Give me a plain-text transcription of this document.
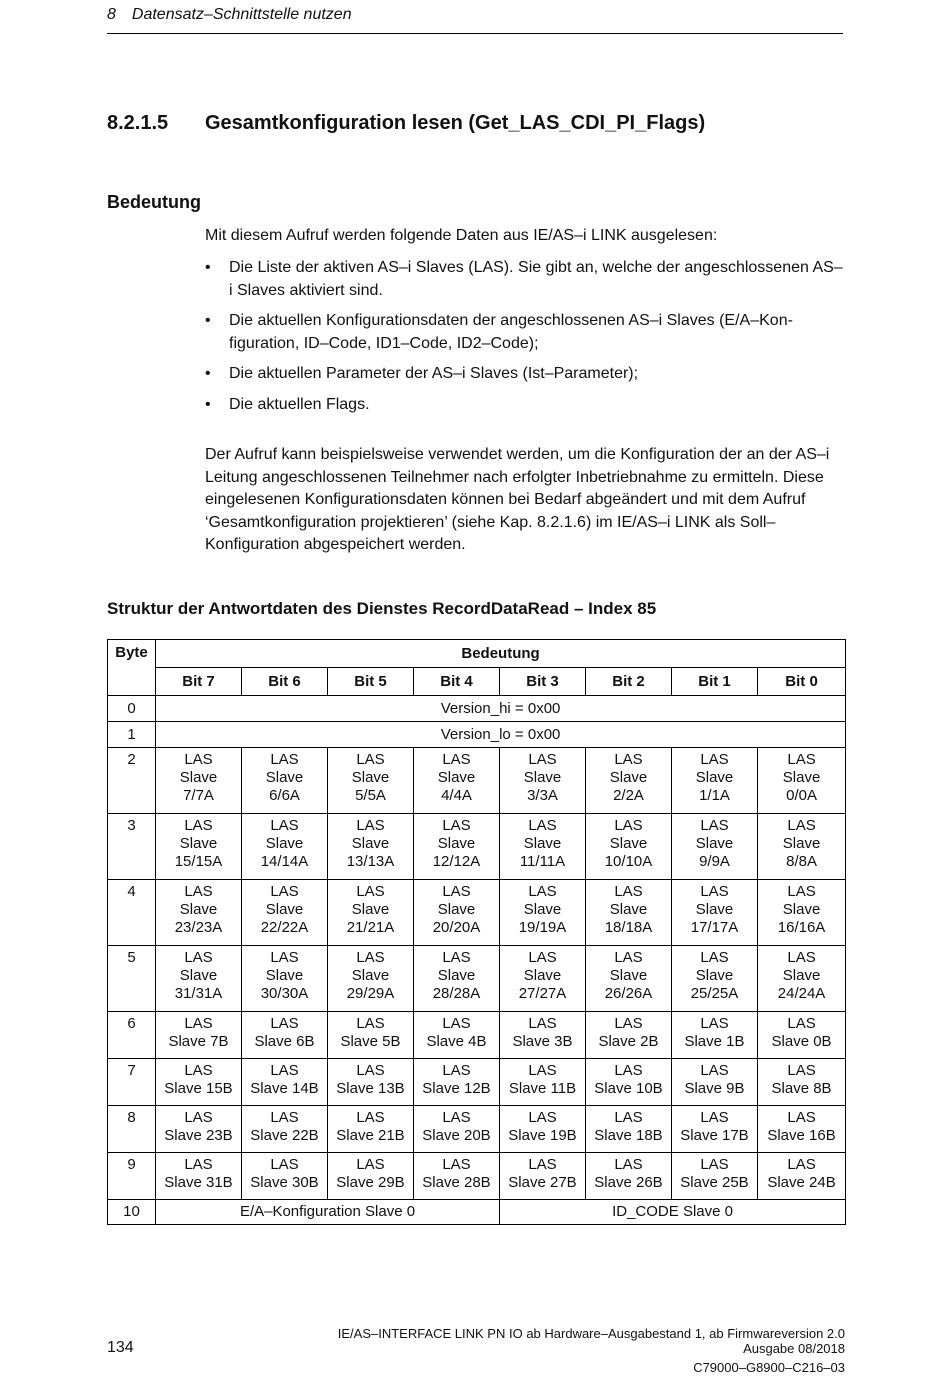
8 Datensatz–Schnittstelle nutzen
8.2.1.5 Gesamtkonfiguration lesen (Get_LAS_CDI_PI_Flags)
Bedeutung
Mit diesem Aufruf werden folgende Daten aus IE/AS–i LINK ausgelesen:
• Die Liste der aktiven AS–i Slaves (LAS). Sie gibt an, welche der angeschlossenen AS–i Slaves aktiviert sind.
• Die aktuellen Konfigurationsdaten der angeschlossenen AS–i Slaves (E/A–Konfiguration, ID–Code, ID1–Code, ID2–Code);
• Die aktuellen Parameter der AS–i Slaves (Ist–Parameter);
• Die aktuellen Flags.
Der Aufruf kann beispielsweise verwendet werden, um die Konfiguration der an der AS–i Leitung angeschlossenen Teilnehmer nach erfolgter Inbetriebnahme zu ermitteln. Diese eingelesenen Konfigurationsdaten können bei Bedarf abgeändert und mit dem Aufruf ‘Gesamtkonfiguration projektieren’ (siehe Kap. 8.2.1.6) im IE/AS–i LINK als Soll–Konfiguration abgespeichert werden.
Struktur der Antwortdaten des Dienstes RecordDataRead – Index 85
Byte	Bedeutung							
	Bit 7	Bit 6	Bit 5	Bit 4	Bit 3	Bit 2	Bit 1	Bit 0
0	Version_hi = 0x00							
1	Version_lo = 0x00							
2	LAS
Slave
7/7A	LAS
Slave
6/6A	LAS
Slave
5/5A	LAS
Slave
4/4A	LAS
Slave
3/3A	LAS
Slave
2/2A	LAS
Slave
1/1A	LAS
Slave
0/0A

3	LAS
Slave
15/15A	LAS
Slave
14/14A	LAS
Slave
13/13A	LAS
Slave
12/12A	LAS
Slave
11/11A	LAS
Slave
10/10A	LAS
Slave
9/9A	LAS
Slave
8/8A

4	LAS
Slave
23/23A	LAS
Slave
22/22A	LAS
Slave
21/21A	LAS
Slave
20/20A	LAS
Slave
19/19A	LAS
Slave
18/18A	LAS
Slave
17/17A	LAS
Slave
16/16A

5	LAS
Slave
31/31A	LAS
Slave
30/30A	LAS
Slave
29/29A	LAS
Slave
28/28A	LAS
Slave
27/27A	LAS
Slave
26/26A	LAS
Slave
25/25A	LAS
Slave
24/24A

6	LAS
Slave 7B	LAS
Slave 6B	LAS
Slave 5B	LAS
Slave 4B	LAS
Slave 3B	LAS
Slave 2B	LAS
Slave 1B	LAS
Slave 0B

7	LAS
Slave 15B	LAS
Slave 14B	LAS
Slave 13B	LAS
Slave 12B	LAS
Slave 11B	LAS
Slave 10B	LAS
Slave 9B	LAS
Slave 8B

8	LAS
Slave 23B	LAS
Slave 22B	LAS
Slave 21B	LAS
Slave 20B	LAS
Slave 19B	LAS
Slave 18B	LAS
Slave 17B	LAS
Slave 16B

9	LAS
Slave 31B	LAS
Slave 30B	LAS
Slave 29B	LAS
Slave 28B	LAS
Slave 27B	LAS
Slave 26B	LAS
Slave 25B	LAS
Slave 24B

10	E/A–Konfiguration Slave 0				ID_CODE Slave 0			
134
IE/AS–INTERFACE LINK PN IO ab Hardware–Ausgabestand 1, ab Firmwareversion 2.0
Ausgabe 08/2018
C79000–G8900–C216–03
